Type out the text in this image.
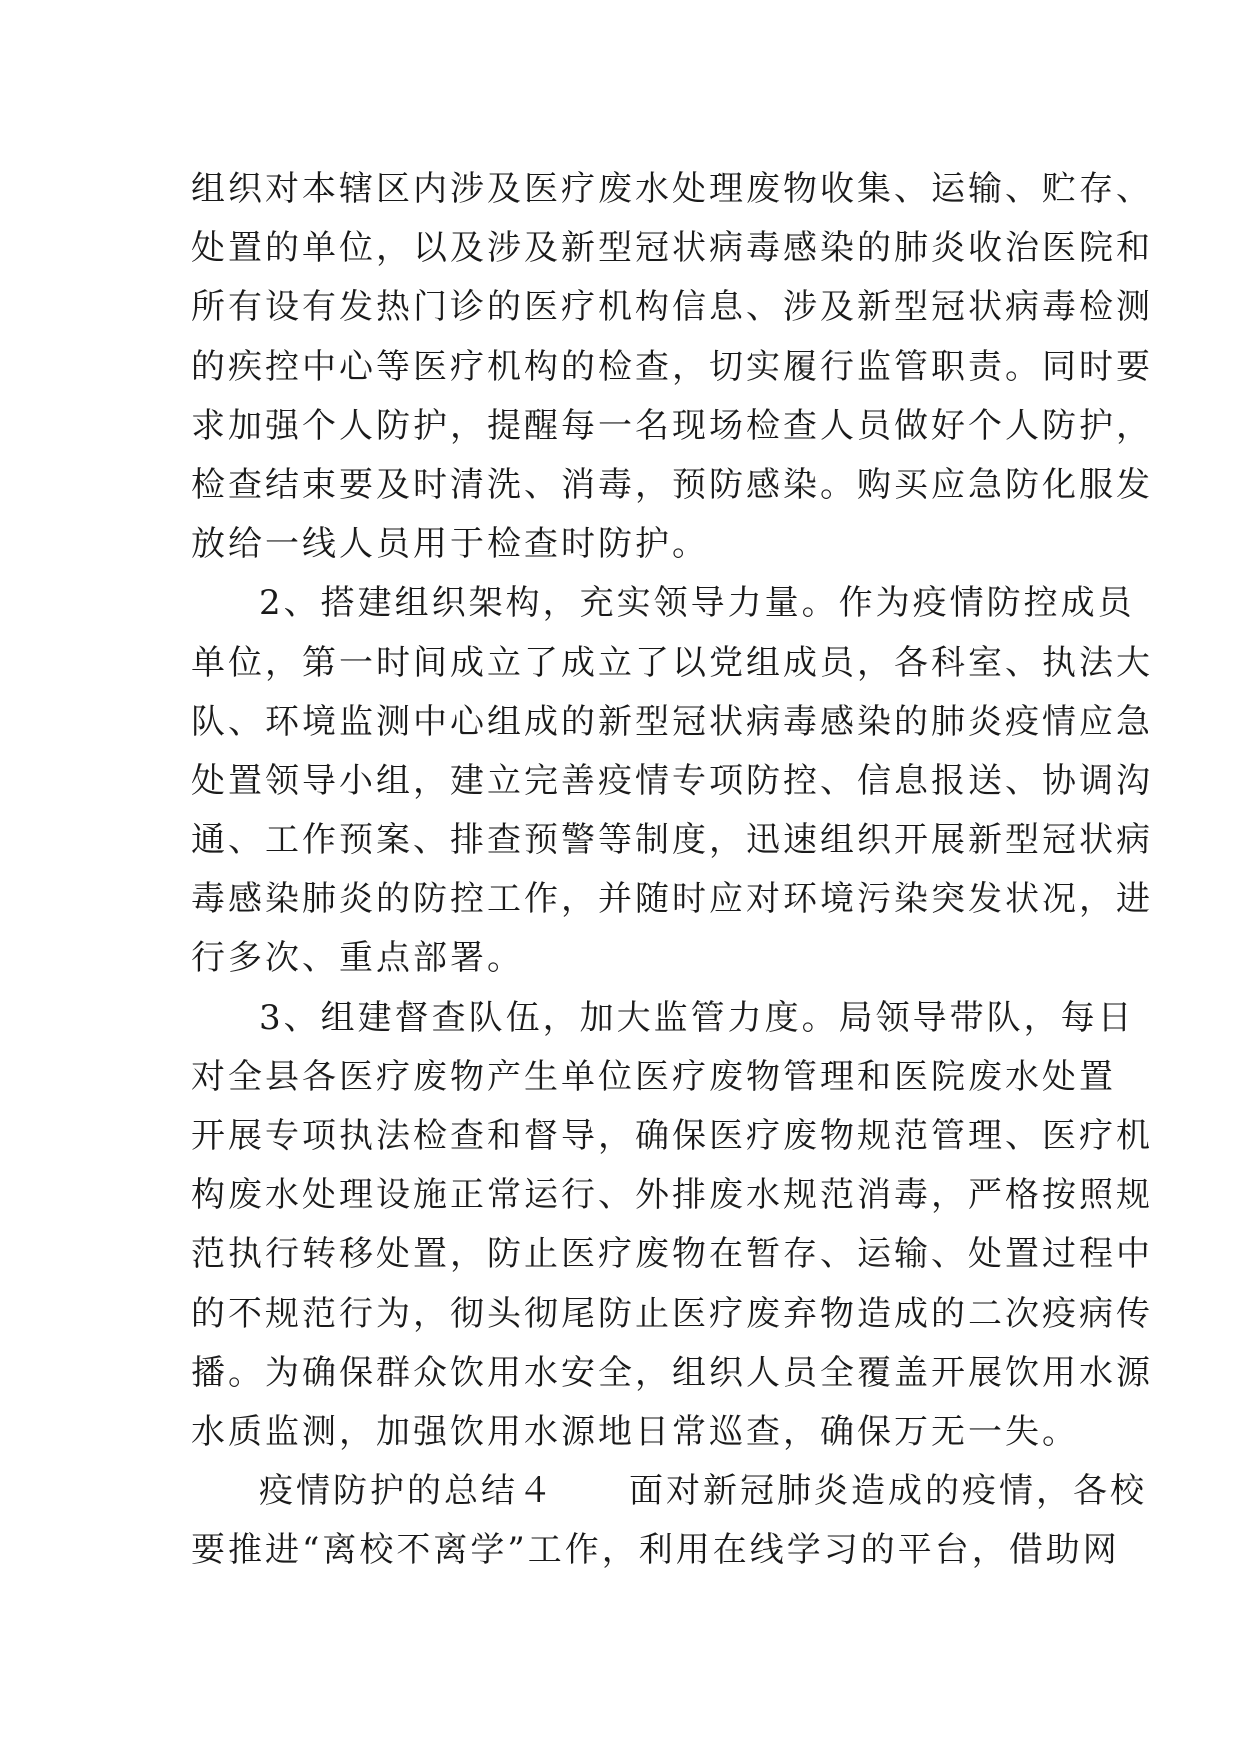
组织对本辖区内涉及医疗废水处理废物收集、运输、贮存、
处置的单位，以及涉及新型冠状病毒感染的肺炎收治医院和
所有设有发热门诊的医疗机构信息、涉及新型冠状病毒检测
的疾控中心等医疗机构的检查，切实履行监管职责。同时要
求加强个人防护，提醒每一名现场检查人员做好个人防护，
检查结束要及时清洗、消毒，预防感染。购买应急防化服发
放给一线人员用于检查时防护。
2、搭建组织架构，充实领导力量。作为疫情防控成员
单位，第一时间成立了成立了以党组成员，各科室、执法大
队、环境监测中心组成的新型冠状病毒感染的肺炎疫情应急
处置领导小组，建立完善疫情专项防控、信息报送、协调沟
通、工作预案、排查预警等制度，迅速组织开展新型冠状病
毒感染肺炎的防控工作，并随时应对环境污染突发状况，进
行多次、重点部署。
3、组建督查队伍，加大监管力度。局领导带队，每日
对全县各医疗废物产生单位医疗废物管理和医院废水处置
开展专项执法检查和督导，确保医疗废物规范管理、医疗机
构废水处理设施正常运行、外排废水规范消毒，严格按照规
范执行转移处置，防止医疗废物在暂存、运输、处置过程中
的不规范行为，彻头彻尾防止医疗废弃物造成的二次疫病传
播。为确保群众饮用水安全，组织人员全覆盖开展饮用水源
水质监测，加强饮用水源地日常巡查，确保万无一失。
疫情防护的总结４　　面对新冠肺炎造成的疫情，各校
要推进“离校不离学”工作，利用在线学习的平台，借助网
